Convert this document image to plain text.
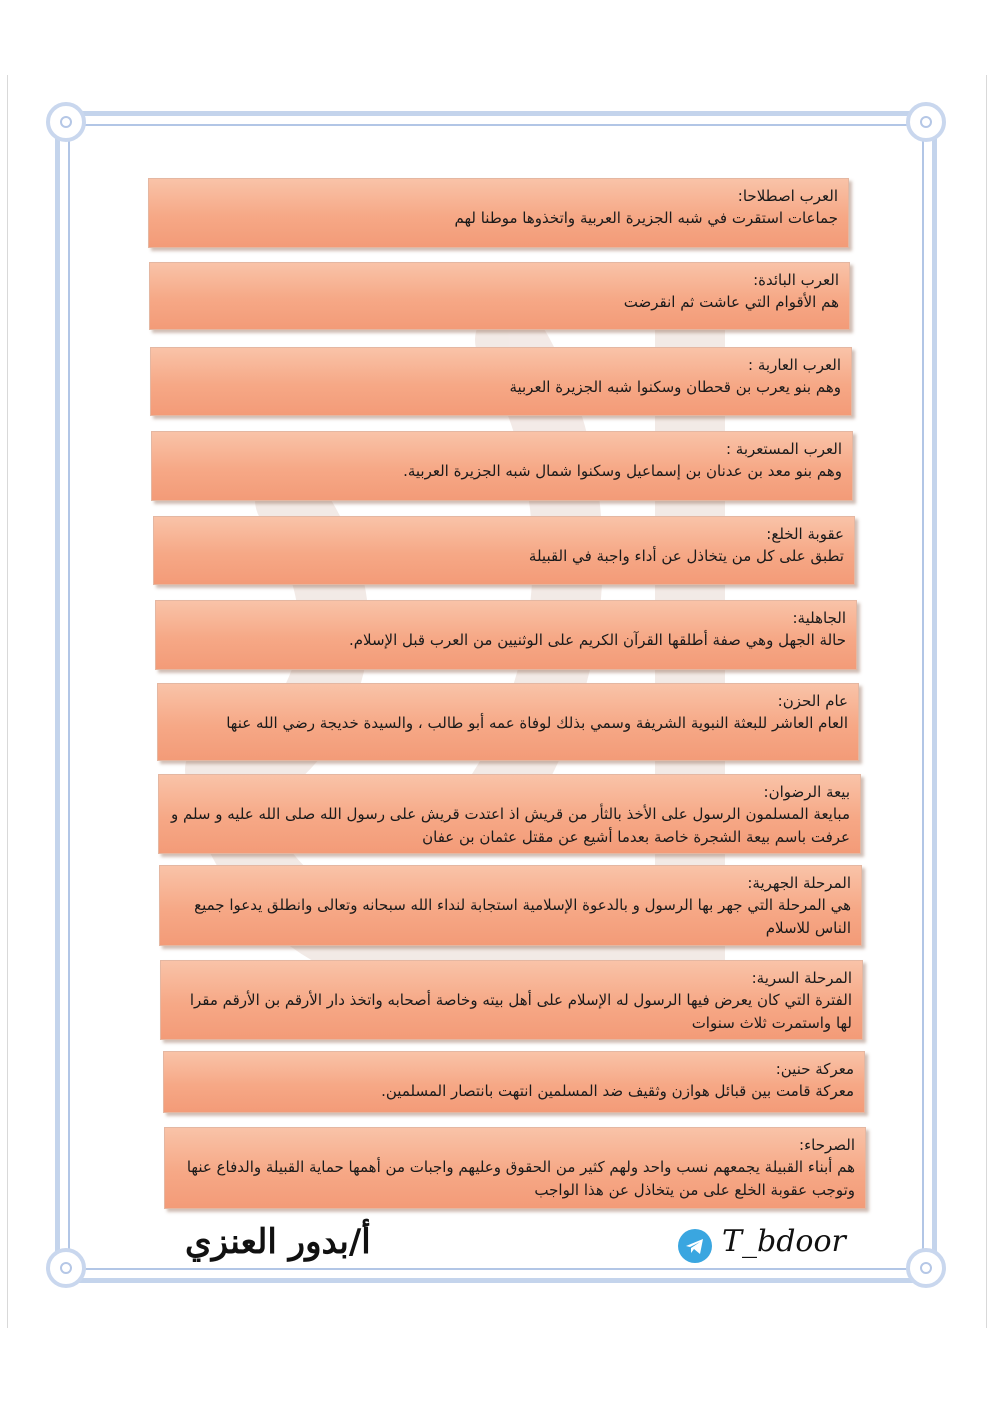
العرب اصطلاحا:
جماعات استقرت في شبه الجزيرة العربية واتخذوها موطنا لهم
العرب البائدة:
هم الأقوام التي عاشت ثم انقرضت
العرب العاربة :
وهم بنو يعرب بن قحطان وسكنوا شبه الجزيرة العربية
العرب المستعربة :
وهم بنو معد بن عدنان بن إسماعيل وسكنوا شمال شبه الجزيرة العربية.
عقوبة الخلع:
تطبق على كل من يتخاذل عن أداء واجبة في القبيلة
الجاهلية:
حالة الجهل وهي صفة أطلقها القرآن الكريم على الوثنيين من العرب قبل الإسلام.
عام الحزن:
العام العاشر للبعثة النبوية الشريفة وسمي بذلك لوفاة عمه أبو طالب ، والسيدة خديجة رضي الله عنها
بيعة الرضوان:
مبايعة المسلمون الرسول على الأخذ بالثأر من قريش اذ اعتدت قريش على رسول الله صلى الله عليه و سلم و عرفت باسم بيعة الشجرة خاصة بعدما أشيع عن مقتل عثمان بن عفان
المرحلة الجهرية:
هي المرحلة التي جهر بها الرسول و بالدعوة الإسلامية استجابة لنداء الله سبحانه وتعالى وانطلق يدعوا جميع الناس للاسلام
المرحلة السرية:
الفترة التي كان يعرض فيها الرسول له الإسلام على أهل بيته وخاصة أصحابه واتخذ دار الأرقم بن الأرقم مقرا لها واستمرت ثلاث سنوات
معركة حنين:
معركة قامت بين قبائل هوازن وثقيف ضد المسلمين انتهت بانتصار المسلمين.
الصرحاء:
هم أبناء القبيلة يجمعهم نسب واحد ولهم كثير من الحقوق وعليهم واجبات من أهمها حماية القبيلة والدفاع عنها وتوجب عقوبة الخلع على من يتخاذل عن هذا الواجب
أ/بدور العنزي	T_bdoor
